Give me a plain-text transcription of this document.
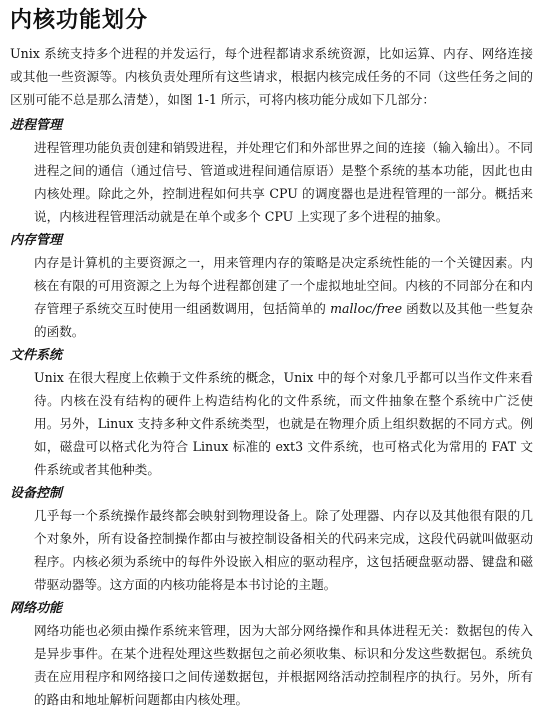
内核功能划分

Unix 系统支持多个进程的并发运行，每个进程都请求系统资源，比如运算、内存、网络连接或其他一些资源等。内核负责处理所有这些请求，根据内核完成任务的不同（这些任务之间的区别可能不总是那么清楚），如图 1-1 所示，可将内核功能分成如下几部分：

进程管理

进程管理功能负责创建和销毁进程，并处理它们和外部世界之间的连接（输入输出）。不同进程之间的通信（通过信号、管道或进程间通信原语）是整个系统的基本功能，因此也由内核处理。除此之外，控制进程如何共享 CPU 的调度器也是进程管理的一部分。概括来说，内核进程管理活动就是在单个或多个 CPU 上实现了多个进程的抽象。

内存管理

内存是计算机的主要资源之一，用来管理内存的策略是决定系统性能的一个关键因素。内核在有限的可用资源之上为每个进程都创建了一个虚拟地址空间。内核的不同部分在和内存管理子系统交互时使用一组函数调用，包括简单的 malloc/free 函数以及其他一些复杂的函数。

文件系统

Unix 在很大程度上依赖于文件系统的概念，Unix 中的每个对象几乎都可以当作文件来看待。内核在没有结构的硬件上构造结构化的文件系统，而文件抽象在整个系统中广泛使用。另外，Linux 支持多种文件系统类型，也就是在物理介质上组织数据的不同方式。例如，磁盘可以格式化为符合 Linux 标准的 ext3 文件系统，也可格式化为常用的 FAT 文件系统或者其他种类。

设备控制

几乎每一个系统操作最终都会映射到物理设备上。除了处理器、内存以及其他很有限的几个对象外，所有设备控制操作都由与被控制设备相关的代码来完成，这段代码就叫做驱动程序。内核必须为系统中的每件外设嵌入相应的驱动程序，这包括硬盘驱动器、键盘和磁带驱动器等。这方面的内核功能将是本书讨论的主题。

网络功能

网络功能也必须由操作系统来管理，因为大部分网络操作和具体进程无关：数据包的传入是异步事件。在某个进程处理这些数据包之前必须收集、标识和分发这些数据包。系统负责在应用程序和网络接口之间传递数据包，并根据网络活动控制程序的执行。另外，所有的路由和地址解析问题都由内核处理。
